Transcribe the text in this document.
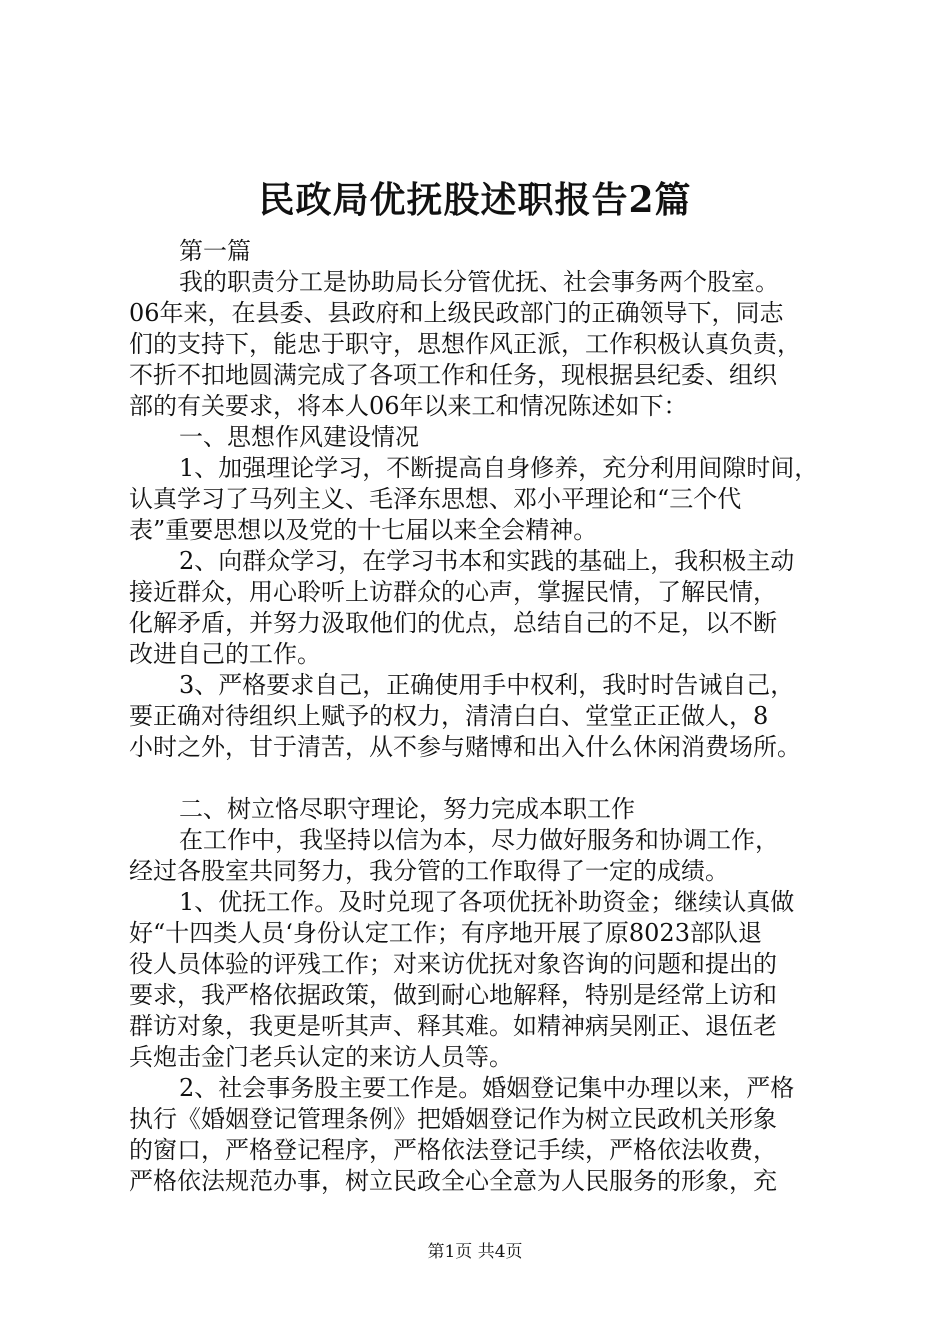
民政局优抚股述职报告2篇
第一篇
我的职责分工是协助局长分管优抚、社会事务两个股室。
06年来，在县委、县政府和上级民政部门的正确领导下，同志
们的支持下，能忠于职守，思想作风正派，工作积极认真负责，
不折不扣地圆满完成了各项工作和任务，现根据县纪委、组织
部的有关要求，将本人06年以来工和情况陈述如下：
一、思想作风建设情况
1、加强理论学习，不断提高自身修养，充分利用间隙时间，
认真学习了马列主义、毛泽东思想、邓小平理论和“三个代
表”重要思想以及党的十七届以来全会精神。
2、向群众学习，在学习书本和实践的基础上，我积极主动
接近群众，用心聆听上访群众的心声，掌握民情，了解民情，
化解矛盾，并努力汲取他们的优点，总结自己的不足，以不断
改进自己的工作。
3、严格要求自己，正确使用手中权利，我时时告诫自己，
要正确对待组织上赋予的权力，清清白白、堂堂正正做人，8
小时之外，甘于清苦，从不参与赌博和出入什么休闲消费场所。
二、树立恪尽职守理论，努力完成本职工作
在工作中，我坚持以信为本，尽力做好服务和协调工作，
经过各股室共同努力，我分管的工作取得了一定的成绩。
1、优抚工作。及时兑现了各项优抚补助资金；继续认真做
好“十四类人员‘身份认定工作；有序地开展了原8023部队退
役人员体验的评残工作；对来访优抚对象咨询的问题和提出的
要求，我严格依据政策，做到耐心地解释，特别是经常上访和
群访对象，我更是听其声、释其难。如精神病吴刚正、退伍老
兵炮击金门老兵认定的来访人员等。
2、社会事务股主要工作是。婚姻登记集中办理以来，严格
执行《婚姻登记管理条例》把婚姻登记作为树立民政机关形象
的窗口，严格登记程序，严格依法登记手续，严格依法收费，
严格依法规范办事，树立民政全心全意为人民服务的形象，充
第1页 共4页
